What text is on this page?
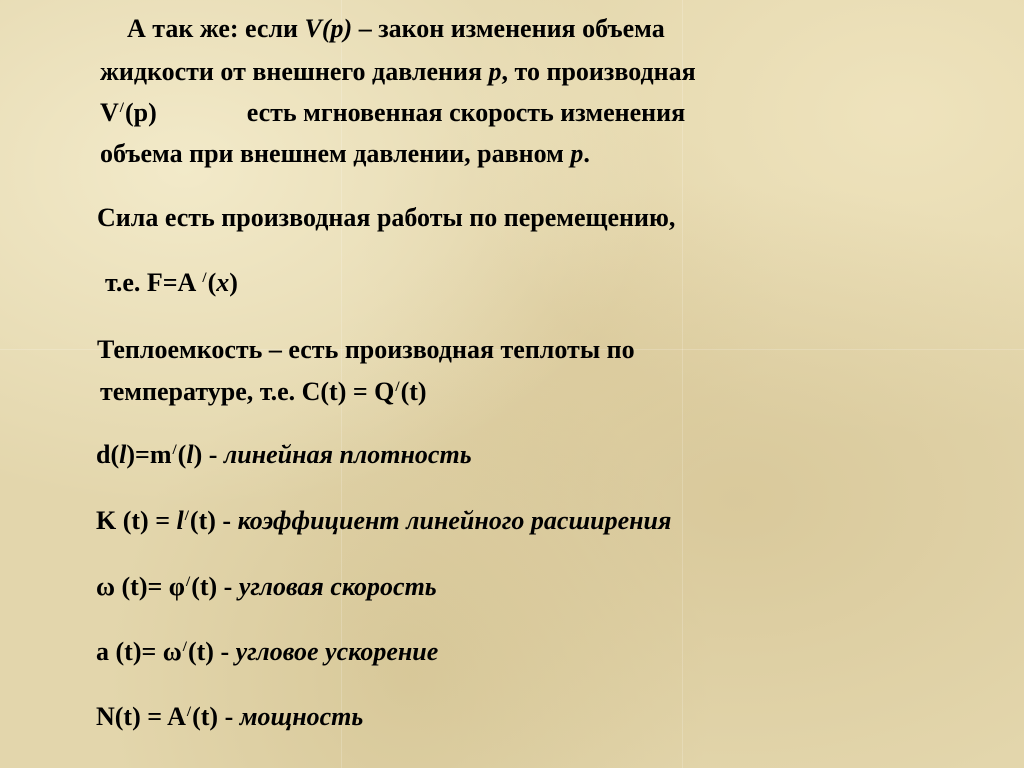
А так же: если V(p) – закон изменения объема
жидкости от внешнего давления p, то производная
V/(p)	есть мгновенная скорость изменения
объема при внешнем давлении, равном p.
Сила есть производная работы по перемещению,
т.е. F=A /(x)
Теплоемкость – есть производная теплоты по
температуре, т.е. С(t) = Q/(t)
d(l)=m/(l) - линейная плотность
K (t) = l/(t) - коэффициент линейного расширения
ω (t)= φ/(t) - угловая скорость
a (t)= ω/(t) - угловое ускорение
N(t) = A/(t) - мощность
